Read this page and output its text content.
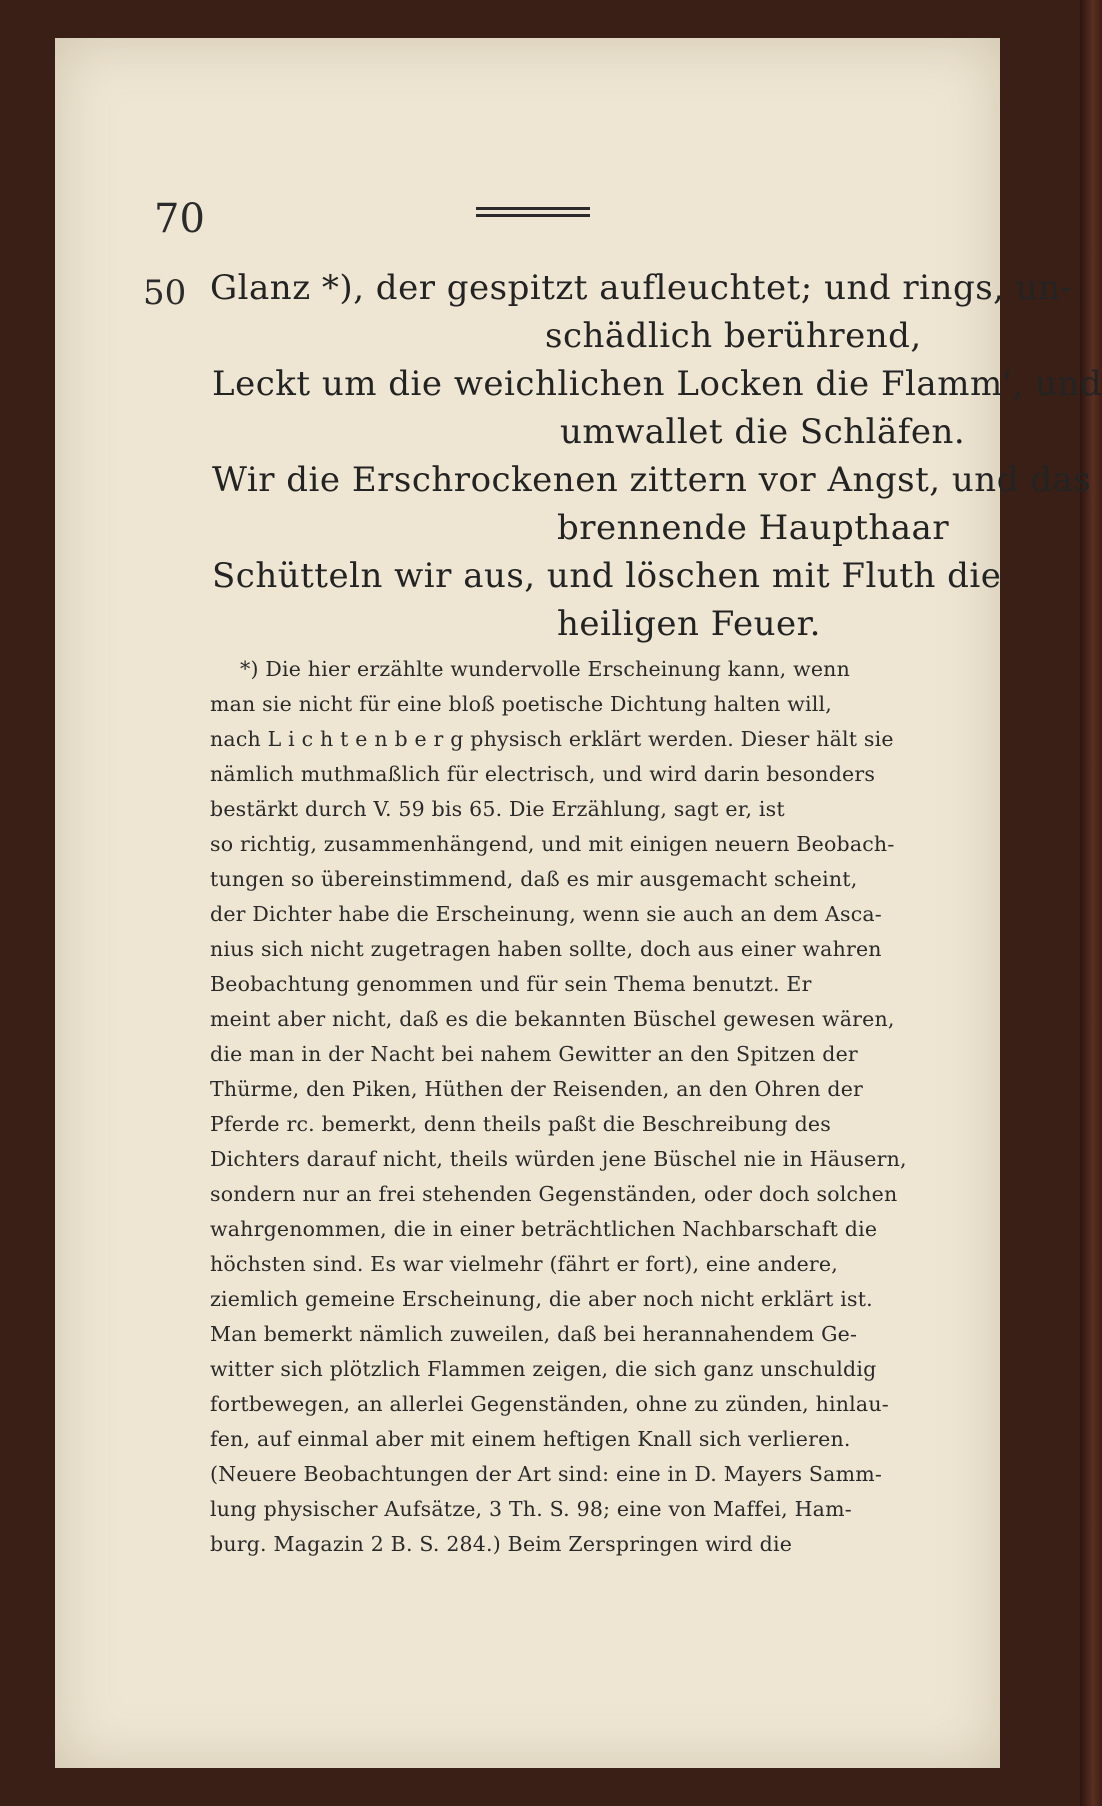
70
50 Glanz *), der gespitzt aufleuchtet; und rings, un-
schädlich berührend,
Leckt um die weichlichen Locken die Flamm', und
umwallet die Schläfen.
Wir die Erschrockenen zittern vor Angst, und das
brennende Haupthaar
Schütteln wir aus, und löschen mit Fluth die
heiligen Feuer.
*) Die hier erzählte wundervolle Erscheinung kann, wenn
man sie nicht für eine bloß poetische Dichtung halten will,
nach L i c h t e n b e r g physisch erklärt werden. Dieser hält sie
nämlich muthmaßlich für electrisch, und wird darin besonders
bestärkt durch V. 59 bis 65. Die Erzählung, sagt er, ist
so richtig, zusammenhängend, und mit einigen neuern Beobach-
tungen so übereinstimmend, daß es mir ausgemacht scheint,
der Dichter habe die Erscheinung, wenn sie auch an dem Asca-
nius sich nicht zugetragen haben sollte, doch aus einer wahren
Beobachtung genommen und für sein Thema benutzt. Er
meint aber nicht, daß es die bekannten Büschel gewesen wären,
die man in der Nacht bei nahem Gewitter an den Spitzen der
Thürme, den Piken, Hüthen der Reisenden, an den Ohren der
Pferde rc. bemerkt, denn theils paßt die Beschreibung des
Dichters darauf nicht, theils würden jene Büschel nie in Häusern,
sondern nur an frei stehenden Gegenständen, oder doch solchen
wahrgenommen, die in einer beträchtlichen Nachbarschaft die
höchsten sind. Es war vielmehr (fährt er fort), eine andere,
ziemlich gemeine Erscheinung, die aber noch nicht erklärt ist.
Man bemerkt nämlich zuweilen, daß bei herannahendem Ge-
witter sich plötzlich Flammen zeigen, die sich ganz unschuldig
fortbewegen, an allerlei Gegenständen, ohne zu zünden, hinlau-
fen, auf einmal aber mit einem heftigen Knall sich verlieren.
(Neuere Beobachtungen der Art sind: eine in D. Mayers Samm-
lung physischer Aufsätze, 3 Th. S. 98; eine von Maffei, Ham-
burg. Magazin 2 B. S. 284.) Beim Zerspringen wird die
